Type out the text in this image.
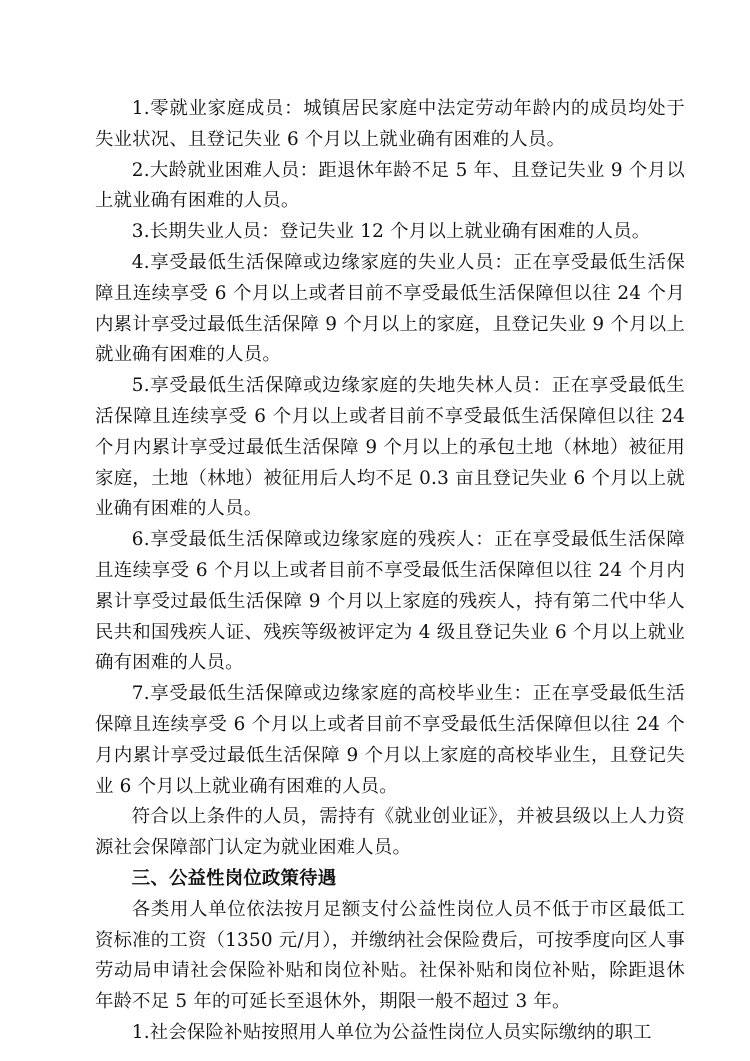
1.零就业家庭成员：城镇居民家庭中法定劳动年龄内的成员均处于失业状况、且登记失业 6 个月以上就业确有困难的人员。

2.大龄就业困难人员：距退休年龄不足 5 年、且登记失业 9 个月以上就业确有困难的人员。

3.长期失业人员：登记失业 12 个月以上就业确有困难的人员。

4.享受最低生活保障或边缘家庭的失业人员：正在享受最低生活保障且连续享受 6 个月以上或者目前不享受最低生活保障但以往 24 个月内累计享受过最低生活保障 9 个月以上的家庭，且登记失业 9 个月以上就业确有困难的人员。

5.享受最低生活保障或边缘家庭的失地失林人员：正在享受最低生活保障且连续享受 6 个月以上或者目前不享受最低生活保障但以往 24 个月内累计享受过最低生活保障 9 个月以上的承包土地（林地）被征用家庭，土地（林地）被征用后人均不足 0.3 亩且登记失业 6 个月以上就业确有困难的人员。

6.享受最低生活保障或边缘家庭的残疾人：正在享受最低生活保障且连续享受 6 个月以上或者目前不享受最低生活保障但以往 24 个月内累计享受过最低生活保障 9 个月以上家庭的残疾人，持有第二代中华人民共和国残疾人证、残疾等级被评定为 4 级且登记失业 6 个月以上就业确有困难的人员。

7.享受最低生活保障或边缘家庭的高校毕业生：正在享受最低生活保障且连续享受 6 个月以上或者目前不享受最低生活保障但以往 24 个月内累计享受过最低生活保障 9 个月以上家庭的高校毕业生，且登记失业 6 个月以上就业确有困难的人员。

符合以上条件的人员，需持有《就业创业证》，并被县级以上人力资源社会保障部门认定为就业困难人员。

三、公益性岗位政策待遇

各类用人单位依法按月足额支付公益性岗位人员不低于市区最低工资标准的工资（1350 元/月），并缴纳社会保险费后，可按季度向区人事劳动局申请社会保险补贴和岗位补贴。社保补贴和岗位补贴，除距退休年龄不足 5 年的可延长至退休外，期限一般不超过 3 年。

1.社会保险补贴按照用人单位为公益性岗位人员实际缴纳的职工
